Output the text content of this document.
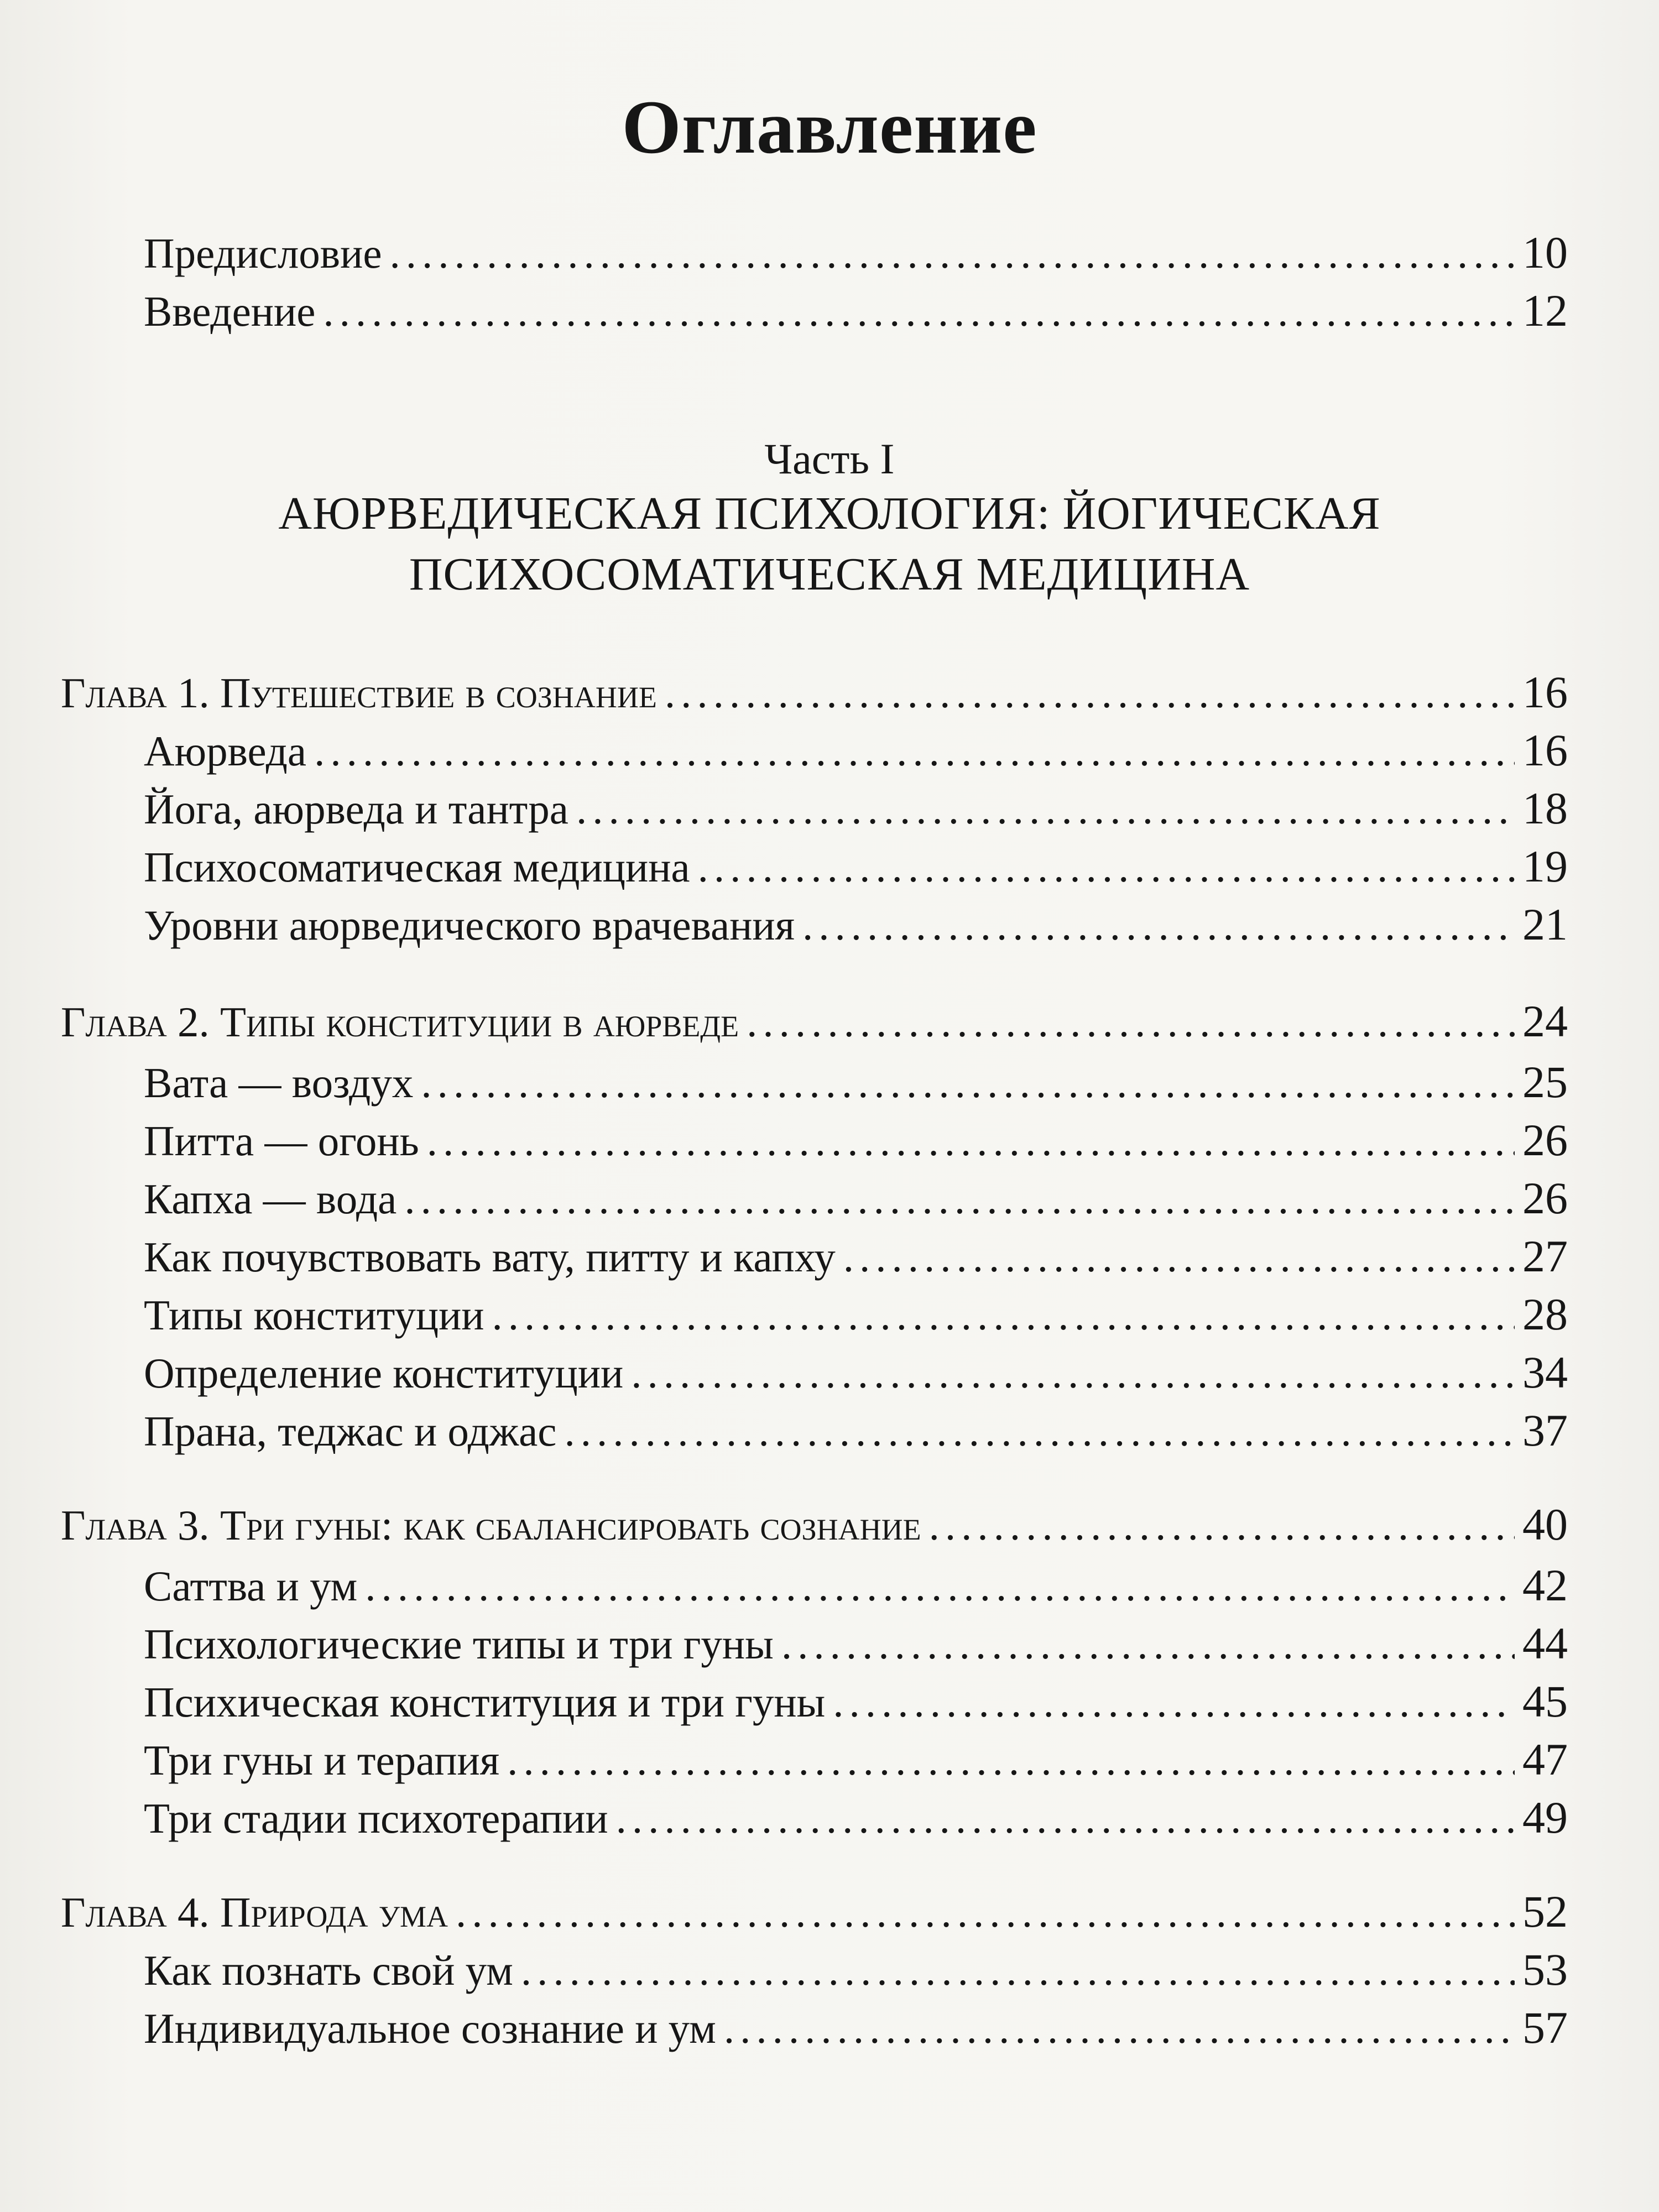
Оглавление
Предисловие .....	10
Введение .....	12
Часть I
АЮРВЕДИЧЕСКАЯ ПСИХОЛОГИЯ: ЙОГИЧЕСКАЯ
ПСИХОСОМАТИЧЕСКАЯ МЕДИЦИНА
Глава 1. Путешествие в сознание .....	16
Аюрведа .....	16
Йога, аюрведа и тантра .....	18
Психосоматическая медицина .....	19
Уровни аюрведического врачевания .....	21
Глава 2. Типы конституции в аюрведе .....	24
Вата — воздух .....	25
Питта — огонь .....	26
Капха — вода .....	26
Как почувствовать вату, питту и капху .....	27
Типы конституции .....	28
Определение конституции .....	34
Прана, теджас и оджас .....	37
Глава 3. Три гуны: как сбалансировать сознание .....	40
Саттва и ум .....	42
Психологические типы и три гуны .....	44
Психическая конституция и три гуны .....	45
Три гуны и терапия .....	47
Три стадии психотерапии .....	49
Глава 4. Природа ума .....	52
Как познать свой ум .....	53
Индивидуальное сознание и ум .....	57
